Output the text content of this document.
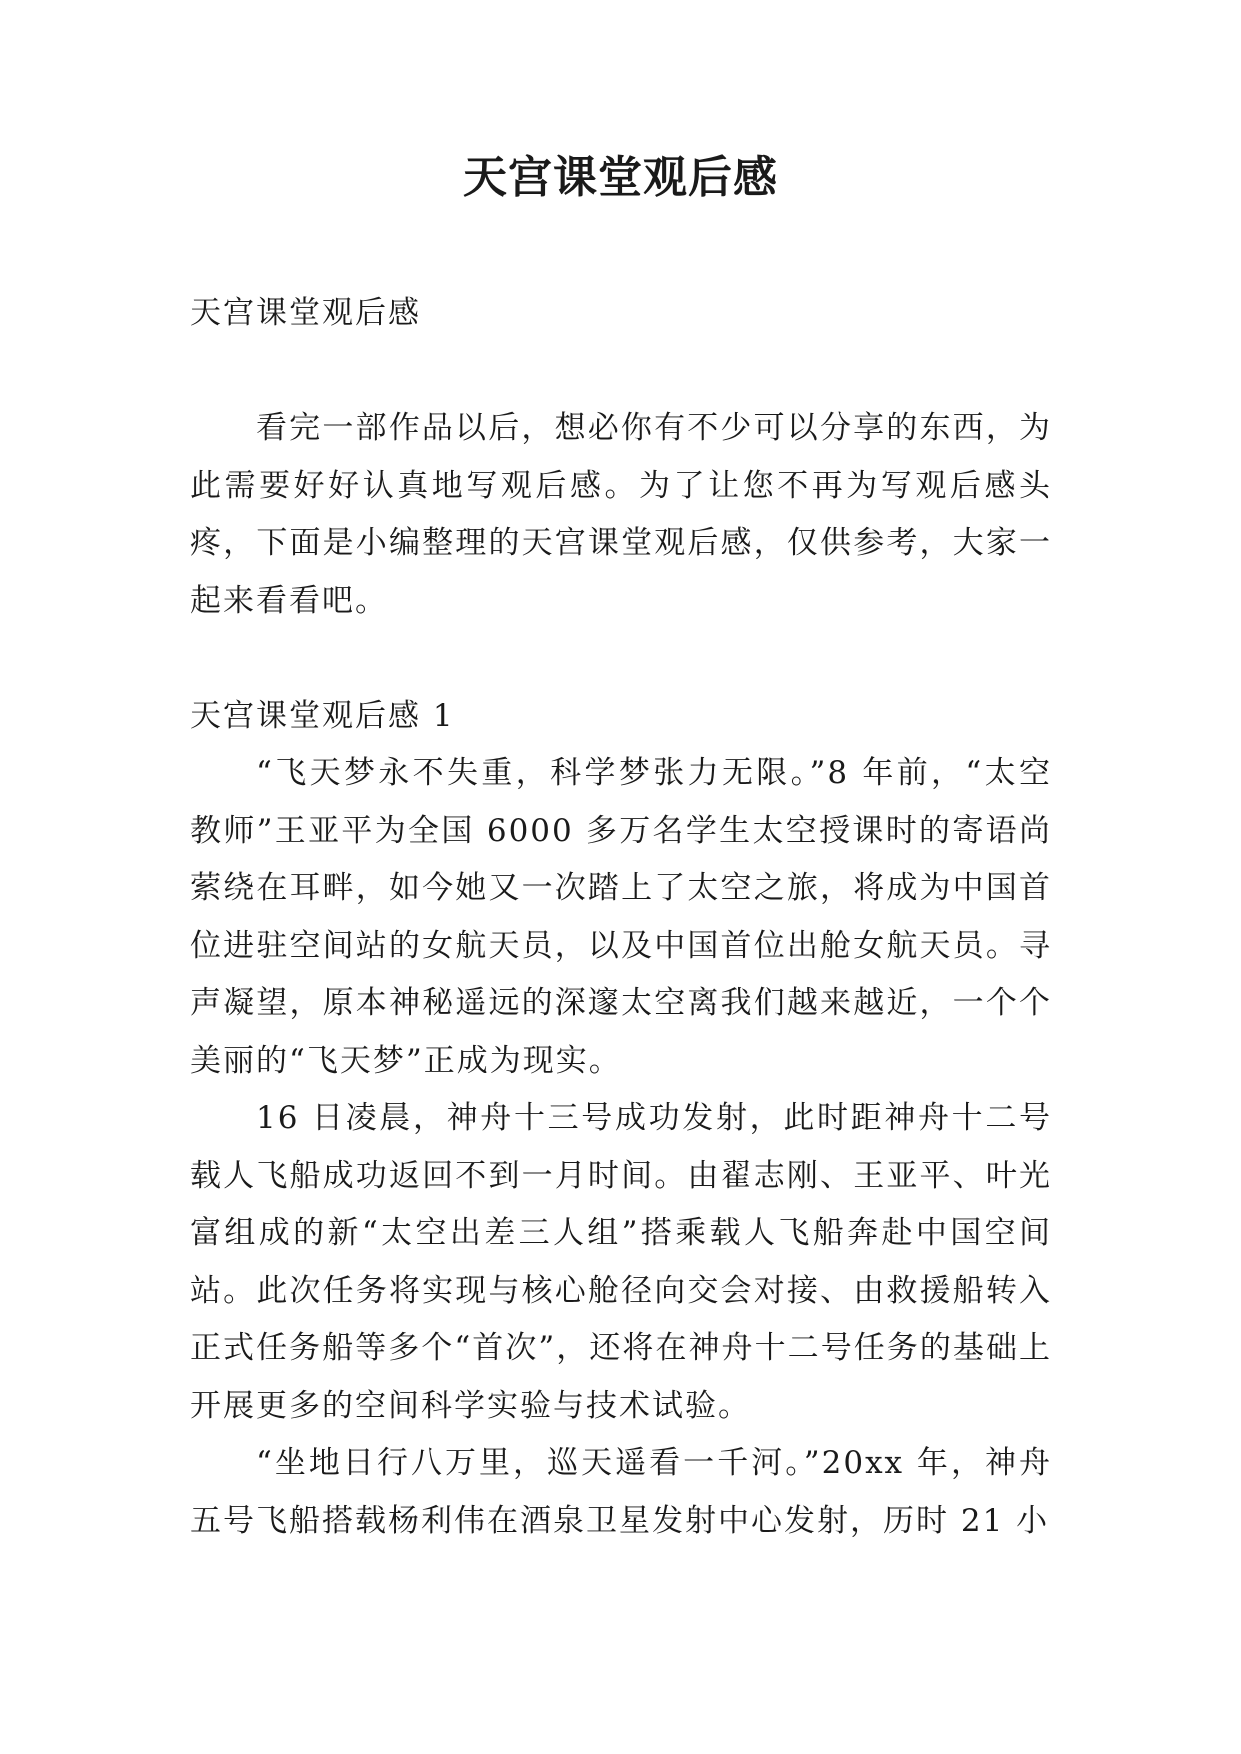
天宫课堂观后感

天宫课堂观后感

看完一部作品以后，想必你有不少可以分享的东西，为此需要好好认真地写观后感。为了让您不再为写观后感头疼，下面是小编整理的天宫课堂观后感，仅供参考，大家一起来看看吧。

天宫课堂观后感 1

“飞天梦永不失重，科学梦张力无限。”8 年前，“太空教师”王亚平为全国 6000 多万名学生太空授课时的寄语尚萦绕在耳畔，如今她又一次踏上了太空之旅，将成为中国首位进驻空间站的女航天员，以及中国首位出舱女航天员。寻声凝望，原本神秘遥远的深邃太空离我们越来越近，一个个美丽的“飞天梦”正成为现实。

16 日凌晨，神舟十三号成功发射，此时距神舟十二号载人飞船成功返回不到一月时间。由翟志刚、王亚平、叶光富组成的新“太空出差三人组”搭乘载人飞船奔赴中国空间站。此次任务将实现与核心舱径向交会对接、由救援船转入正式任务船等多个“首次”，还将在神舟十二号任务的基础上开展更多的空间科学实验与技术试验。

“坐地日行八万里，巡天遥看一千河。”20xx 年，神舟五号飞船搭载杨利伟在酒泉卫星发射中心发射，历时 21 小
